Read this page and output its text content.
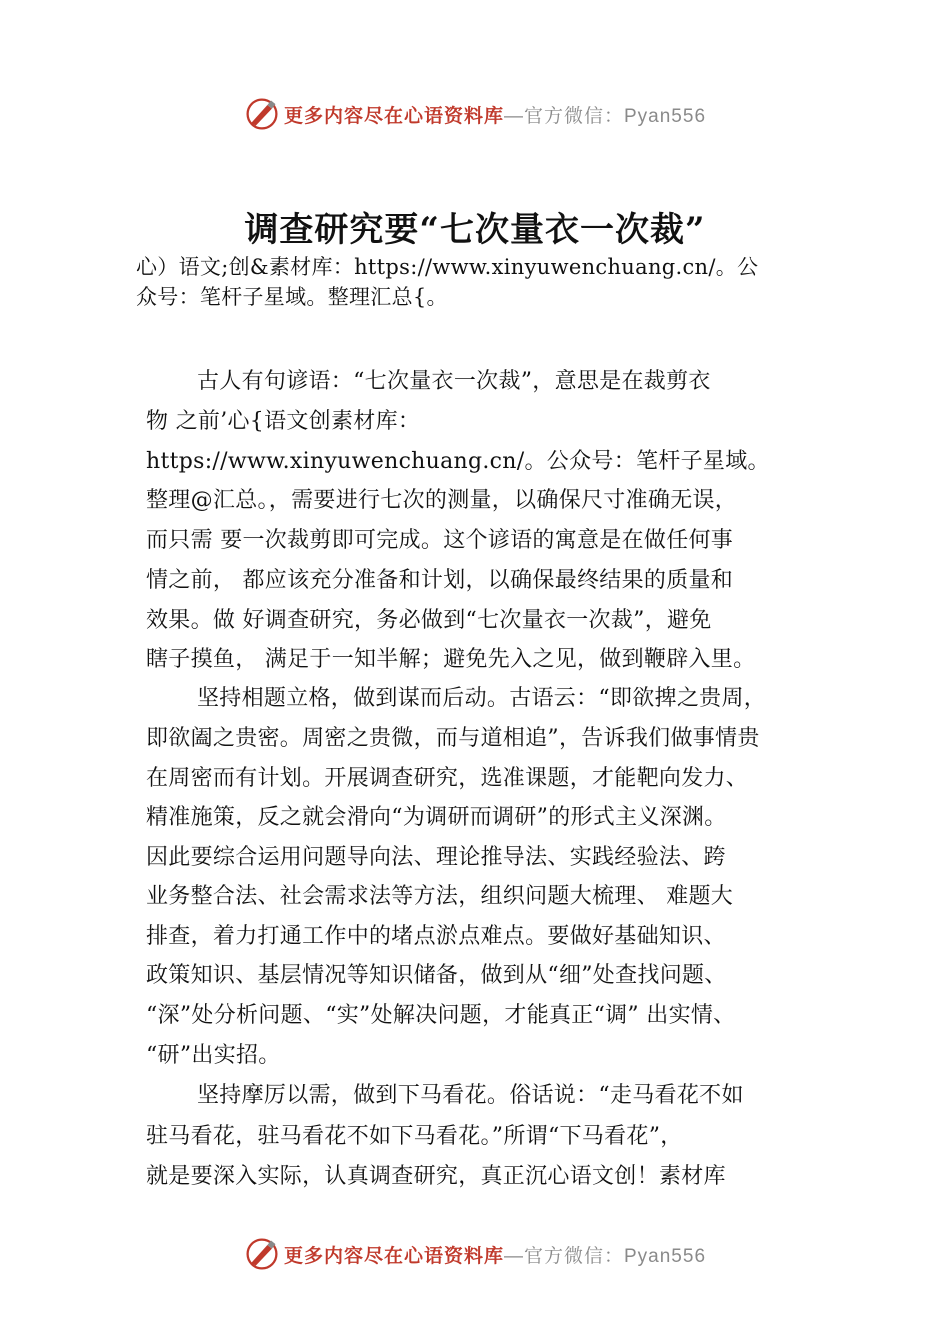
更多内容尽在心语资料库—官方微信：Pyan556
调查研究要“七次量衣一次裁”
心）语文;创&素材库：https://www.xinyuwenchuang.cn/。公
众号：笔杆子星域。整理汇总{。
古人有句谚语：“七次量衣一次裁”，意思是在裁剪衣
物 之前’心{语文创素材库：
https://www.xinyuwenchuang.cn/。公众号：笔杆子星域。
整理@汇总。，需要进行七次的测量，以确保尺寸准确无误，
而只需 要一次裁剪即可完成。这个谚语的寓意是在做任何事
情之前， 都应该充分准备和计划，以确保最终结果的质量和
效果。做 好调查研究，务必做到“七次量衣一次裁”，避免
瞎子摸鱼， 满足于一知半解；避免先入之见，做到鞭辟入里。
坚持相题立格，做到谋而后动。古语云：“即欲捭之贵周，
即欲阖之贵密。周密之贵微，而与道相追”，告诉我们做事情贵
在周密而有计划。开展调查研究，选准课题，才能靶向发力、
精准施策，反之就会滑向“为调研而调研”的形式主义深渊。
因此要综合运用问题导向法、理论推导法、实践经验法、跨
业务整合法、社会需求法等方法，组织问题大梳理、 难题大
排查，着力打通工作中的堵点淤点难点。要做好基础知识、
政策知识、基层情况等知识储备，做到从“细”处查找问题、
“深”处分析问题、“实”处解决问题，才能真正“调” 出实情、
“研”出实招。
坚持摩厉以需，做到下马看花。俗话说：“走马看花不如
驻马看花，驻马看花不如下马看花。”所谓“下马看花”，
就是要深入实际，认真调查研究，真正沉心语文创！素材库
更多内容尽在心语资料库—官方微信：Pyan556
